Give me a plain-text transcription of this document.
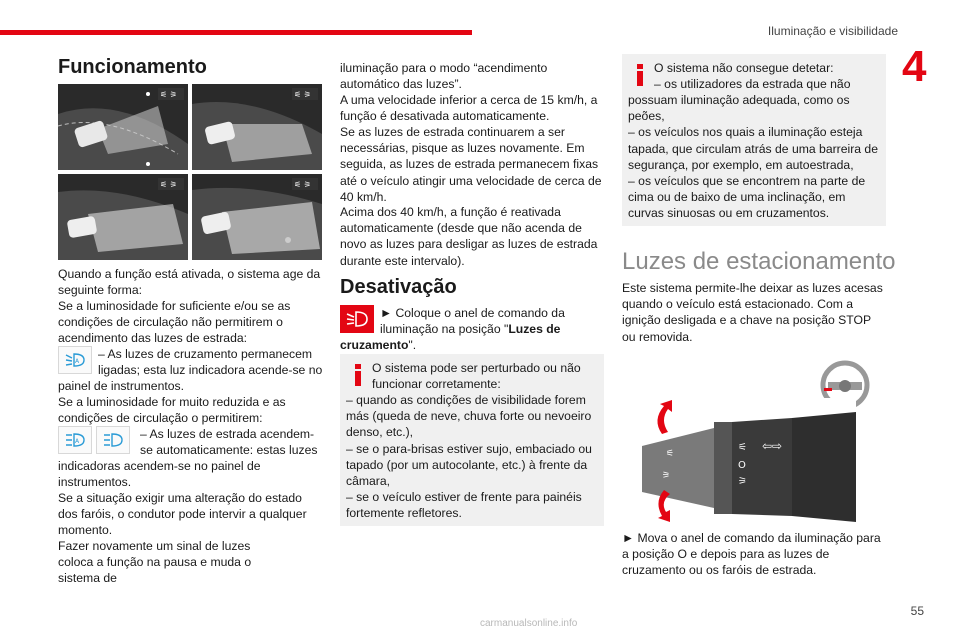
Iluminação e visibilidade
4
Funcionamento
⚟ ⚞	⚟ ⚞
⚟ ⚞	⚟ ⚞
Quando a função está ativada, o sistema age da seguinte forma:
Se a luminosidade for suficiente e/ou se as condições de circulação não permitirem o acendimento das luzes de estrada:
A
– As luzes de cruzamento permanecem ligadas; esta luz indicadora acende-se no
painel de instrumentos.
Se a luminosidade for muito reduzida e as condições de circulação o permitirem:
A
– As luzes de estrada acendem-se automaticamente: estas luzes
indicadoras acendem-se no painel de instrumentos.
Se a situação exigir uma alteração do estado dos faróis, o condutor pode intervir a qualquer momento.
Fazer novamente um sinal de luzes coloca a função na pausa e muda o sistema de
iluminação para o modo “acendimento automático das luzes”.
A uma velocidade inferior a cerca de 15 km/h, a função é desativada automaticamente.
Se as luzes de estrada continuarem a ser necessárias, pisque as luzes novamente. Em seguida, as luzes de estrada permanecem fixas até o veículo atingir uma velocidade de cerca de 40 km/h.
Acima dos 40 km/h, a função é reativada automaticamente (desde que não acenda de novo as luzes para desligar as luzes de estrada durante este intervalo).
Desativação
► Coloque o anel de comando da
iluminação na posição "Luzes de
cruzamento".
O sistema pode ser perturbado ou não
funcionar corretamente:
– quando as condições de visibilidade forem más (queda de neve, chuva forte ou nevoeiro denso, etc.),
– se o para-brisas estiver sujo, embaciado ou tapado (por um autocolante, etc.) à frente da câmara,
– se o veículo estiver de frente para painéis fortemente refletores.
O sistema não consegue detetar:
– os utilizadores da estrada que não
possuam iluminação adequada, como os peões,
– os veículos nos quais a iluminação esteja tapada, que circulam atrás de uma barreira de segurança, por exemplo, em autoestrada,
– os veículos que se encontrem na parte de cima ou de baixo de uma inclinação, em curvas sinuosas ou em cruzamentos.
Luzes de estacionamento
Este sistema permite-lhe deixar as luzes acesas quando o veículo está estacionado. Com a ignição desligada e a chave na posição STOP ou removida.
⚟ ⇦⇨
O
⚞
⚟
⚞
► Mova o anel de comando da iluminação para a posição O e depois para as luzes de cruzamento ou os faróis de estrada.
55
carmanualsonline.info
